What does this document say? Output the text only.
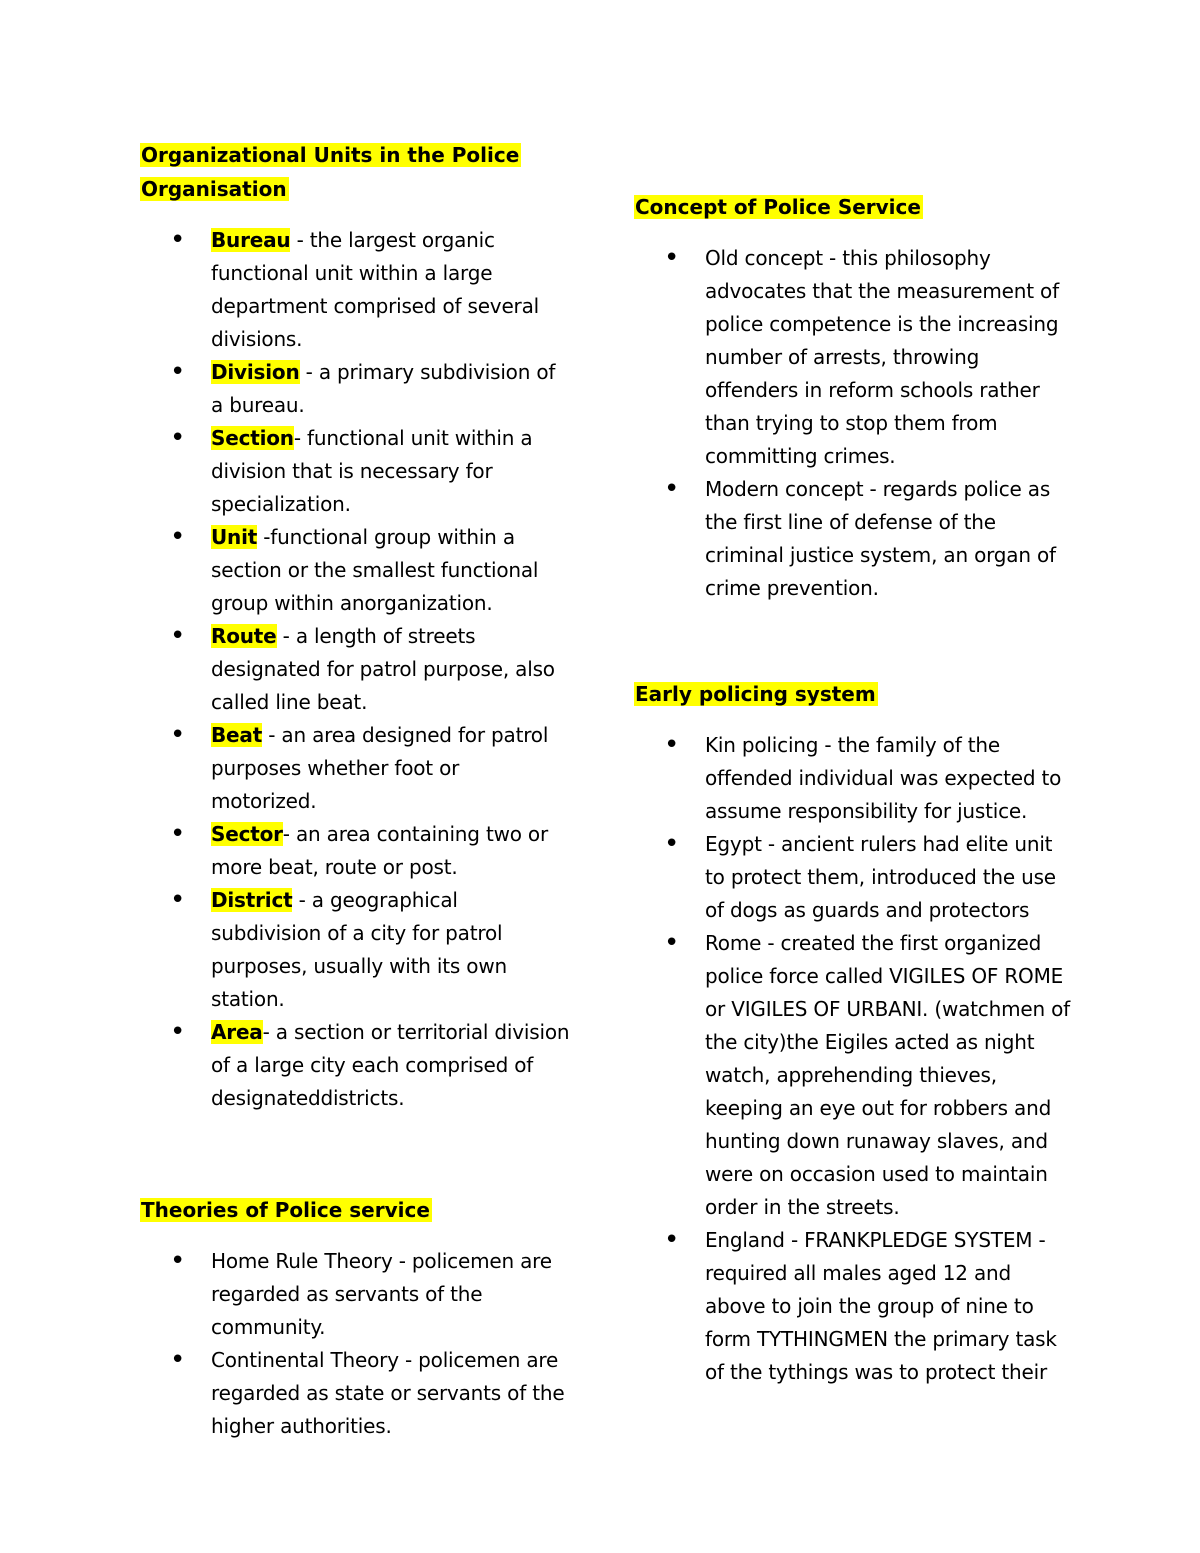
Organizational Units in the Police
Organisation

• Bureau - the largest organic functional unit within a large department comprised of several divisions.
• Division - a primary subdivision of a bureau.
• Section- functional unit within a division that is necessary for specialization.
• Unit -functional group within a section or the smallest functional group within anorganization.
• Route - a length of streets designated for patrol purpose, also called line beat.
• Beat - an area designed for patrol purposes whether foot or motorized.
• Sector- an area containing two or more beat, route or post.
• District - a geographical subdivision of a city for patrol purposes, usually with its own station.
• Area- a section or territorial division of a large city each comprised of designateddistricts.

Theories of Police service

• Home Rule Theory - policemen are regarded as servants of the community.
• Continental Theory - policemen are regarded as state or servants of the higher authorities.

Concept of Police Service

• Old concept - this philosophy advocates that the measurement of police competence is the increasing number of arrests, throwing offenders in reform schools rather than trying to stop them from committing crimes.
• Modern concept - regards police as the first line of defense of the criminal justice system, an organ of crime prevention.

Early policing system

• Kin policing - the family of the offended individual was expected to assume responsibility for justice.
• Egypt - ancient rulers had elite unit to protect them, introduced the use of dogs as guards and protectors
• Rome - created the first organized police force called VIGILES OF ROME or VIGILES OF URBANI. (watchmen of the city)the Eigiles acted as night watch, apprehending thieves, keeping an eye out for robbers and hunting down runaway slaves, and were on occasion used to maintain order in the streets.
• England - FRANKPLEDGE SYSTEM - required all males aged 12 and above to join the group of nine to form TYTHINGMEN the primary task of the tythings was to protect their
